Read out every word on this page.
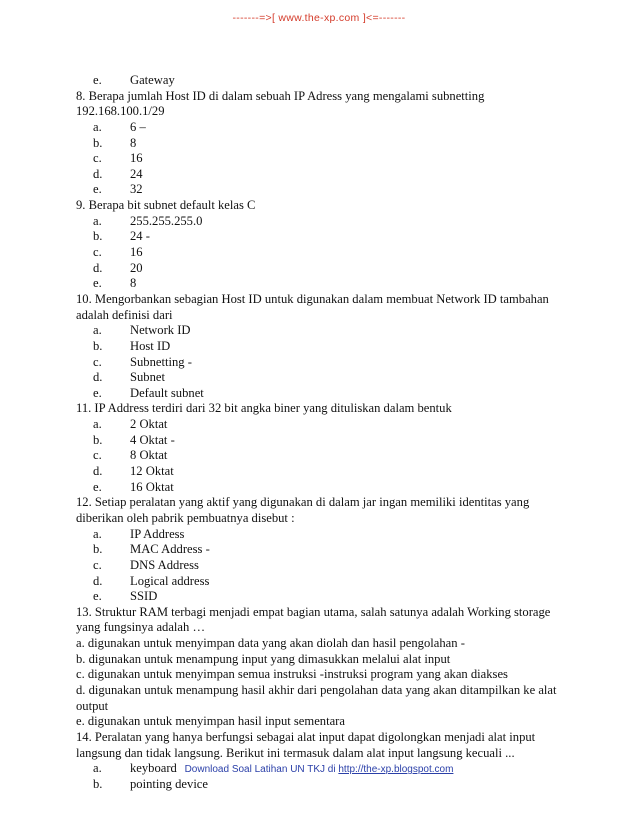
-------=>[ www.the-xp.com ]<=-------
e. Gateway
8. Berapa jumlah Host ID di dalam sebuah IP Adress yang mengalami subnetting
192.168.100.1/29
a. 6 –
b. 8
c. 16
d. 24
e. 32
9. Berapa bit subnet default kelas C
a. 255.255.255.0
b. 24 -
c. 16
d. 20
e. 8
10. Mengorbankan sebagian Host ID untuk digunakan dalam membuat Network ID tambahan
adalah definisi dari
a. Network ID
b. Host ID
c. Subnetting -
d. Subnet
e. Default subnet
11. IP Address terdiri dari 32 bit angka biner yang dituliskan dalam bentuk
a. 2 Oktat
b. 4 Oktat -
c. 8 Oktat
d. 12 Oktat
e. 16 Oktat
12. Setiap peralatan yang aktif yang digunakan di dalam jar ingan memiliki identitas yang
diberikan oleh pabrik pembuatnya disebut :
a. IP Address
b. MAC Address -
c. DNS Address
d. Logical address
e. SSID
13. Struktur RAM terbagi menjadi empat bagian utama, salah satunya adalah Working storage
yang fungsinya adalah …
a. digunakan untuk menyimpan data yang akan diolah dan hasil pengolahan -
b. digunakan untuk menampung input yang dimasukkan melalui alat input
c. digunakan untuk menyimpan semua instruksi -instruksi program yang akan diakses
d. digunakan untuk menampung hasil akhir dari pengolahan data yang akan ditampilkan ke alat
output
e. digunakan untuk menyimpan hasil input sementara
14. Peralatan yang hanya berfungsi sebagai alat input dapat digolongkan menjadi alat input
langsung dan tidak langsung. Berikut ini termasuk dalam alat input langsung kecuali ...
a. keyboard
b. pointing device
Download Soal Latihan UN TKJ di http://the-xp.blogspot.com
